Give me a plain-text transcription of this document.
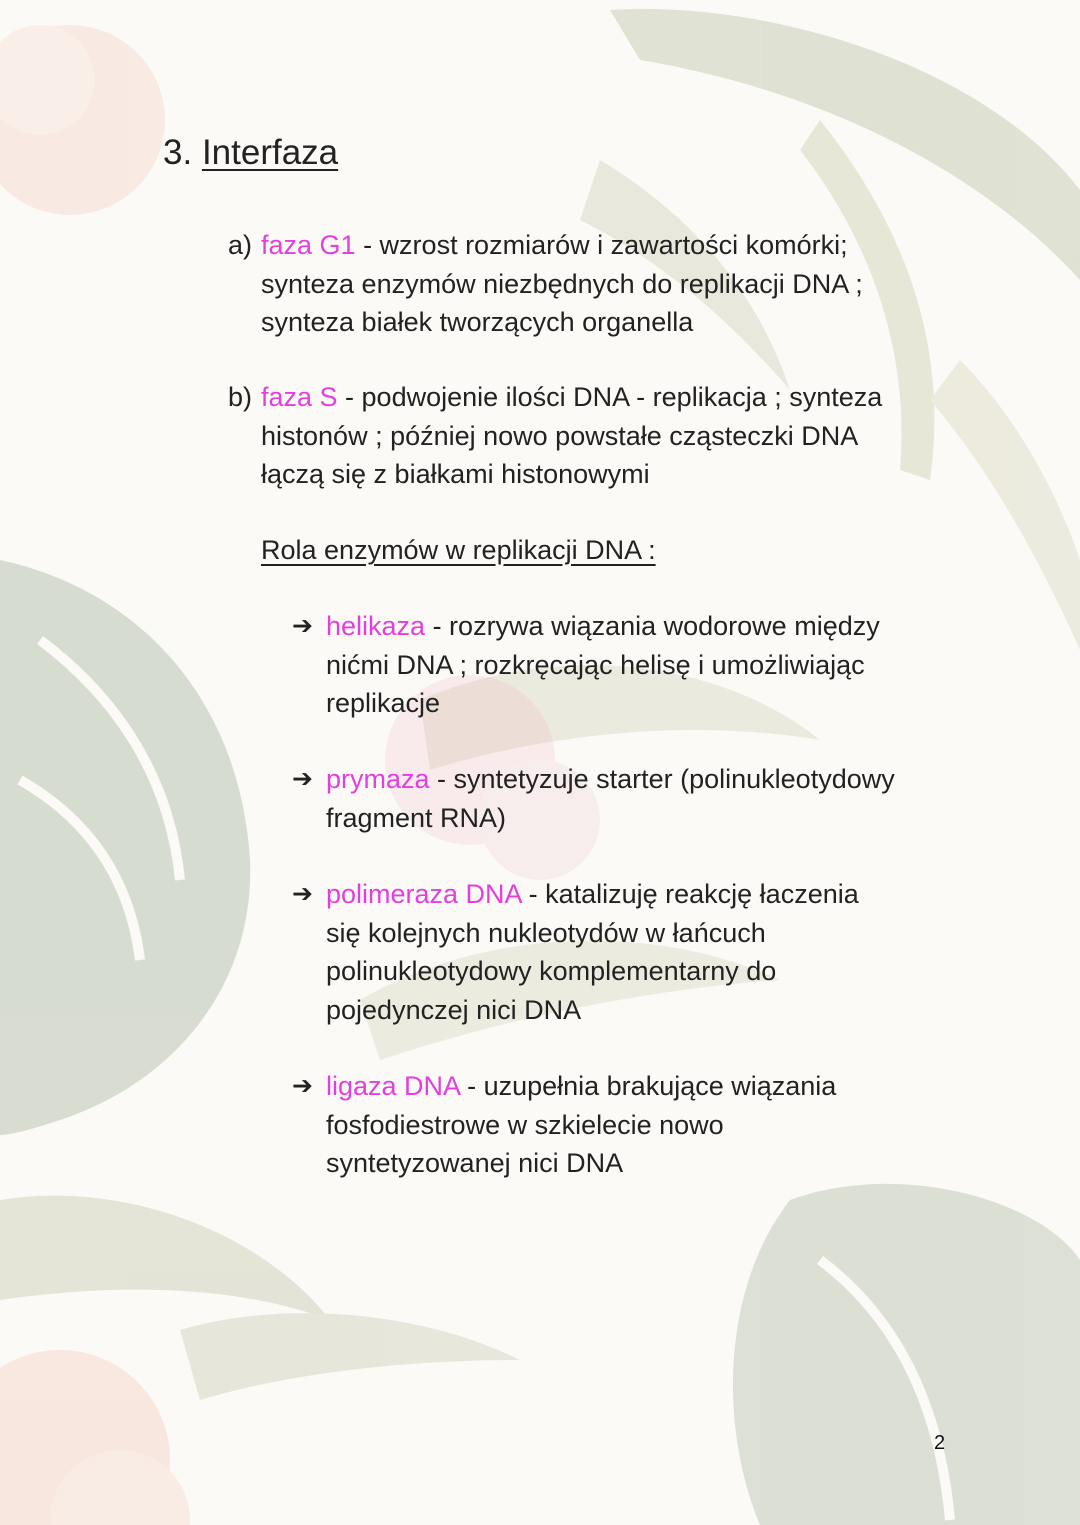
3. Interfaza
a) faza G1 - wzrost rozmiarów i zawartości komórki;
synteza enzymów niezbędnych do replikacji DNA ;
synteza białek tworzących organella
b) faza S - podwojenie ilości DNA - replikacja ; synteza
histonów ; później nowo powstałe cząsteczki DNA
łączą się z białkami histonowymi
Rola enzymów w replikacji DNA :
➔ helikaza - rozrywa wiązania wodorowe między
nićmi DNA ; rozkręcając helisę i umożliwiając
replikacje
➔ prymaza - syntetyzuje starter (polinukleotydowy
fragment RNA)
➔ polimeraza DNA - katalizuję reakcję łaczenia
się kolejnych nukleotydów w łańcuch
polinukleotydowy komplementarny do
pojedynczej nici DNA
➔ ligaza DNA - uzupełnia brakujące wiązania
fosfodiestrowe w szkielecie nowo
syntetyzowanej nici DNA
2
